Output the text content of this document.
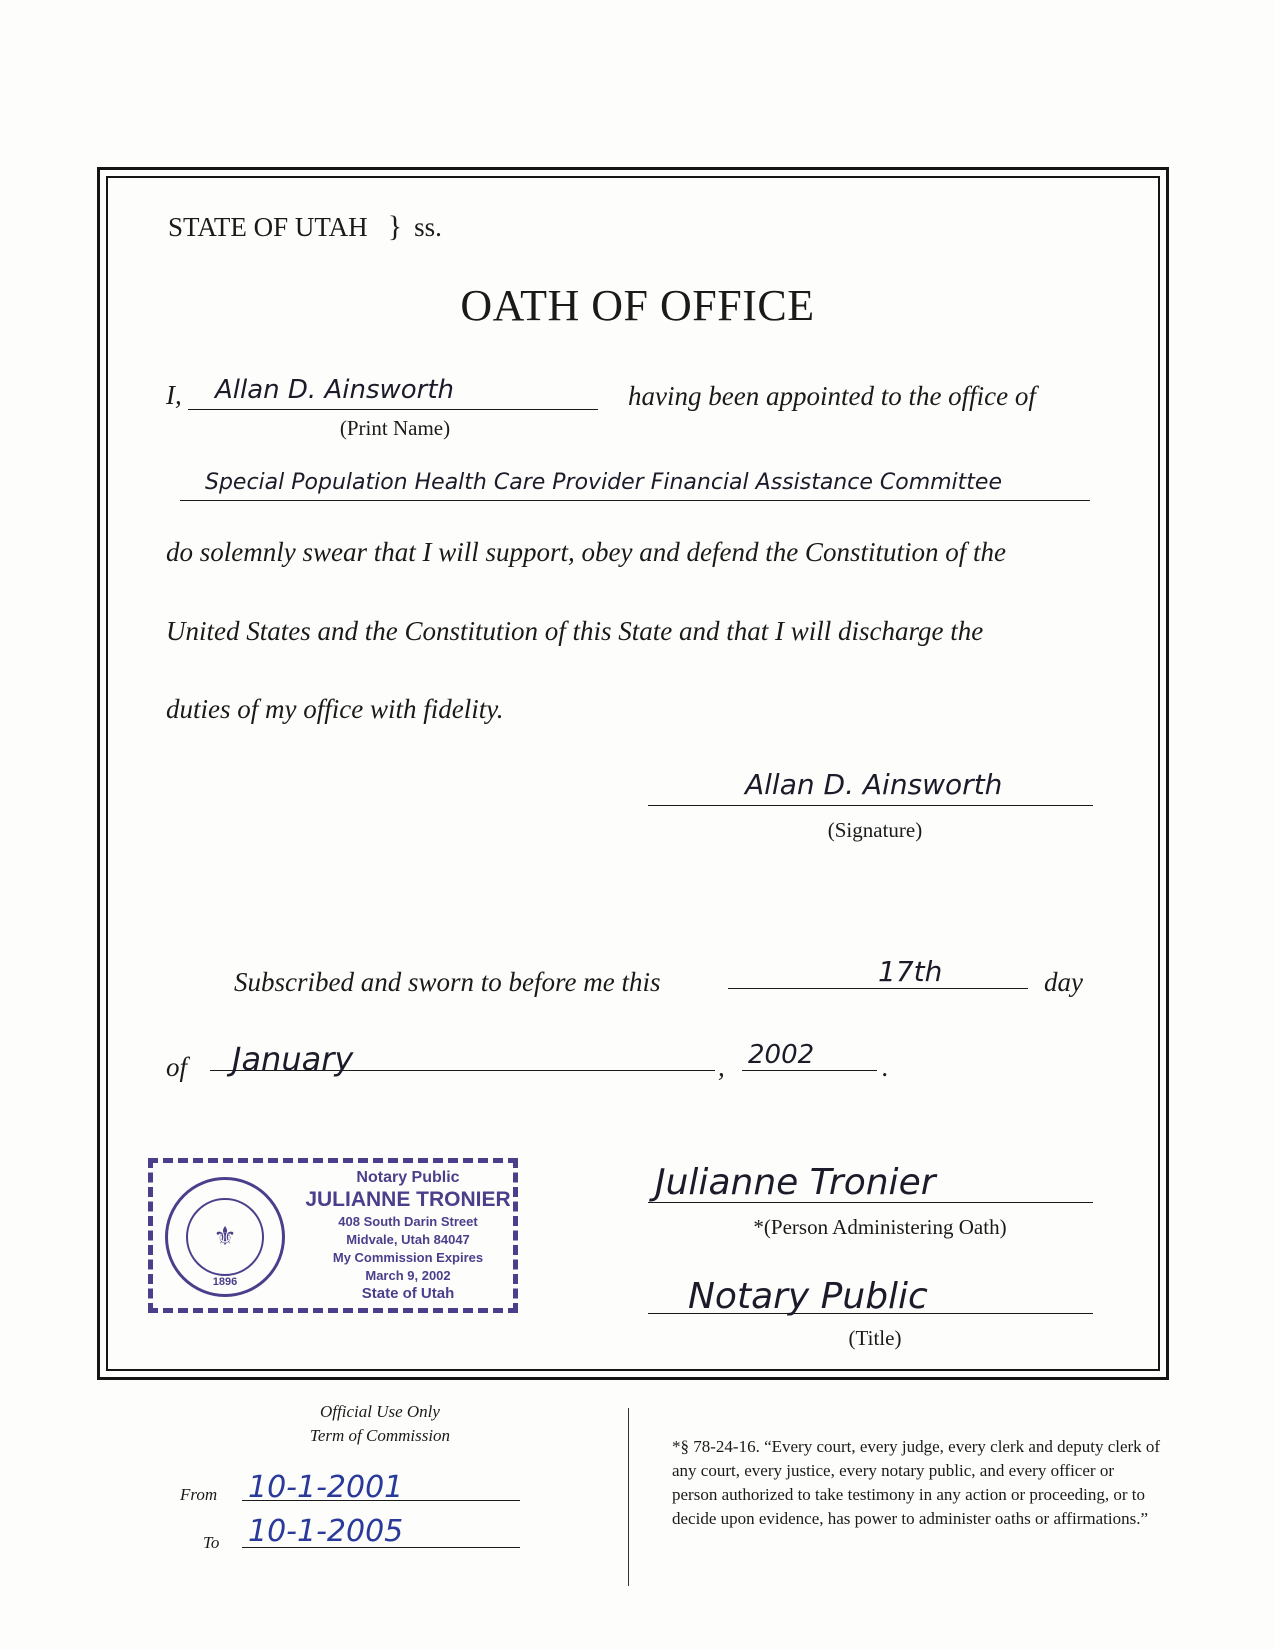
STATE OF UTAH } ss.
OATH OF OFFICE
I, Allan D. Ainsworth
(Print Name)
having been appointed to the office of
Special Population Health Care Provider Financial Assistance Committee
do solemnly swear that I will support, obey and defend the Constitution of the
United States and the Constitution of this State and that I will discharge the
duties of my office with fidelity.
Allan D. Ainsworth
(Signature)
Subscribed and sworn to before me this	17th	day
of January	, 2002	.
⚜
1896
Notary Public
JULIANNE TRONIER
408 South Darin Street
Midvale, Utah 84047
My Commission Expires
March 9, 2002
State of Utah
Julianne Tronier
*(Person Administering Oath)
Notary Public
(Title)
Official Use Only
Term of Commission
From 10-1-2001
To 10-1-2005
*§ 78-24-16. “Every court, every judge, every clerk and deputy clerk of any court, every justice, every notary public, and every officer or person authorized to take testimony in any action or proceeding, or to decide upon evidence, has power to administer oaths or affirmations.”
